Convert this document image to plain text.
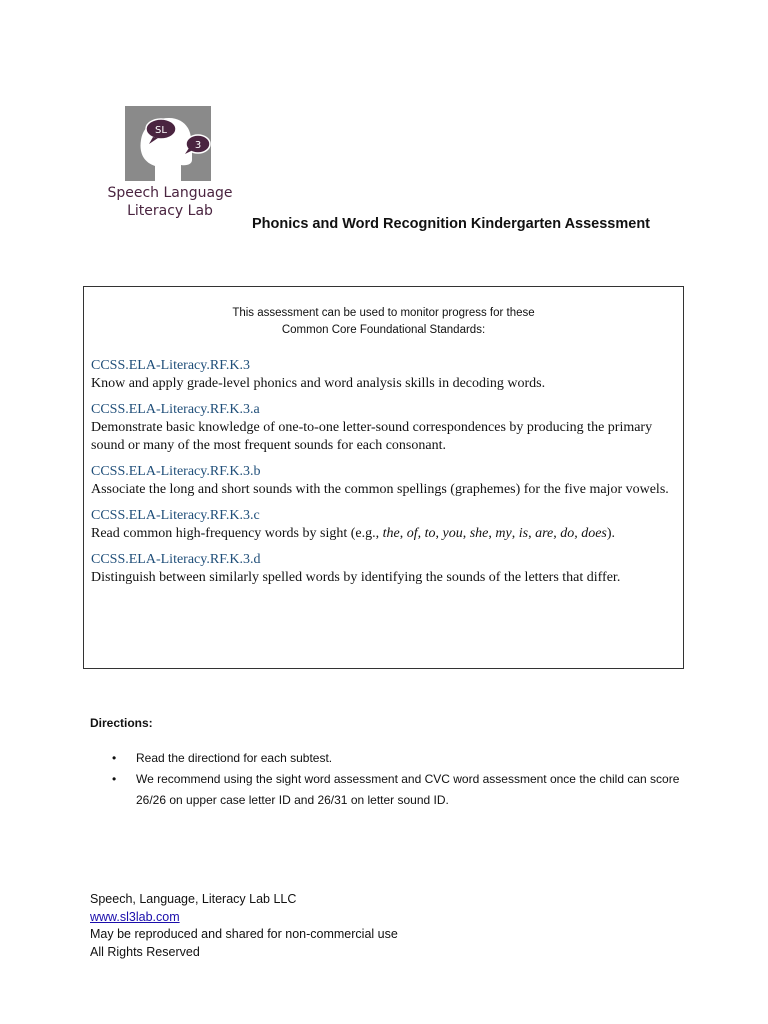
SL
3
Speech Language
Literacy Lab
Phonics and Word Recognition Kindergarten Assessment
This assessment can be used to monitor progress for these
Common Core Foundational Standards:
CCSS.ELA-Literacy.RF.K.3
Know and apply grade-level phonics and word analysis skills in decoding words.
CCSS.ELA-Literacy.RF.K.3.a
Demonstrate basic knowledge of one-to-one letter-sound correspondences by producing the primary sound or many of the most frequent sounds for each consonant.
CCSS.ELA-Literacy.RF.K.3.b
Associate the long and short sounds with the common spellings (graphemes) for the five major vowels.
CCSS.ELA-Literacy.RF.K.3.c
Read common high-frequency words by sight (e.g., the, of, to, you, she, my, is, are, do, does).
CCSS.ELA-Literacy.RF.K.3.d
Distinguish between similarly spelled words by identifying the sounds of the letters that differ.
Directions:
• Read the directiond for each subtest.
• We recommend using the sight word assessment and CVC word assessment once the child can score 26/26 on upper case letter ID and 26/31 on letter sound ID.
Speech, Language, Literacy Lab LLC
www.sl3lab.com
May be reproduced and shared for non-commercial use
All Rights Reserved
